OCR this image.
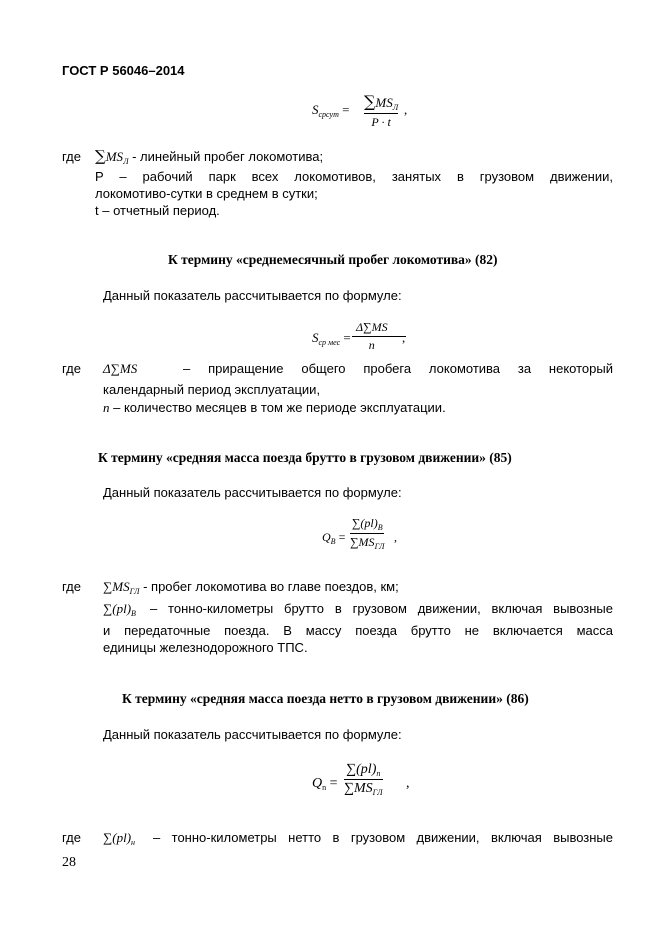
ГОСТ Р 56046–2014
$S_{срсут} = \sum MS_Л$
P · t
,
где $\sum MS_Л$ - линейный пробег локомотива;
P – рабочий парк всех локомотивов, занятых в грузовом движении,
локомотиво-сутки в среднем в сутки;
t – отчетный период.
К термину «среднемесячный пробег локомотива» (82)
Данный показатель рассчитывается по формуле:
$S_{ср мес}$ =
Δ∑MS
n ,
где Δ∑MS	– приращение общего пробега локомотива за некоторый
календарный период эксплуатации,
n – количество месяцев в том же периоде эксплуатации.
К термину «средняя масса поезда брутто в грузовом движении» (85)
Данный показатель рассчитывается по формуле:
$Q_В$ =
$\sum(pl)_В$
$\sum MS_{ГЛ}$
,
где $\sum MS_{ГЛ}$ - пробег локомотива во главе поездов, км;
$\sum(pl)_В$ – тонно-километры брутто в грузовом движении, включая вывозные
и передаточные поезда. В массу поезда брутто не включается масса
единицы железнодорожного ТПС.
К термину «средняя масса поезда нетто в грузовом движении» (86)
Данный показатель рассчитывается по формуле:
$Q_n$ =
$\sum(pl)_n$
$\sum MS_{ГЛ}$
,
где $\sum(pl)_н$ – тонно-километры нетто в грузовом движении, включая вывозные
28
